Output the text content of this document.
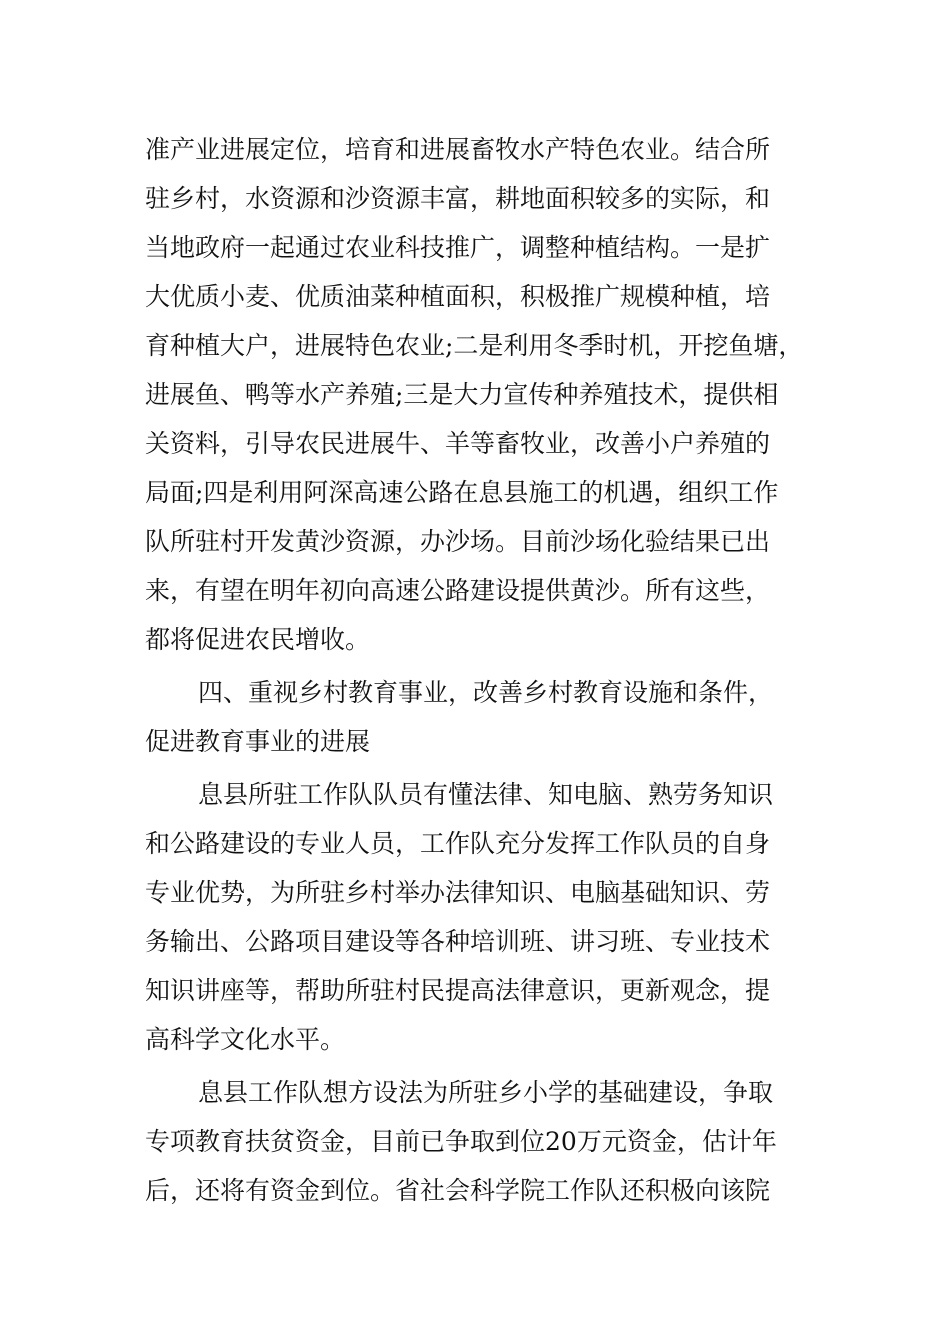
准产业进展定位，培育和进展畜牧水产特色农业。结合所
驻乡村，水资源和沙资源丰富，耕地面积较多的实际，和
当地政府一起通过农业科技推广，调整种植结构。一是扩
大优质小麦、优质油菜种植面积，积极推广规模种植，培
育种植大户，进展特色农业;二是利用冬季时机，开挖鱼塘，
进展鱼、鸭等水产养殖;三是大力宣传种养殖技术，提供相
关资料，引导农民进展牛、羊等畜牧业，改善小户养殖的
局面;四是利用阿深高速公路在息县施工的机遇，组织工作
队所驻村开发黄沙资源，办沙场。目前沙场化验结果已出
来，有望在明年初向高速公路建设提供黄沙。所有这些，
都将促进农民增收。
四、重视乡村教育事业，改善乡村教育设施和条件，
促进教育事业的进展
息县所驻工作队队员有懂法律、知电脑、熟劳务知识
和公路建设的专业人员，工作队充分发挥工作队员的自身
专业优势，为所驻乡村举办法律知识、电脑基础知识、劳
务输出、公路项目建设等各种培训班、讲习班、专业技术
知识讲座等，帮助所驻村民提高法律意识，更新观念，提
高科学文化水平。
息县工作队想方设法为所驻乡小学的基础建设，争取
专项教育扶贫资金，目前已争取到位20万元资金，估计年
后，还将有资金到位。省社会科学院工作队还积极向该院
